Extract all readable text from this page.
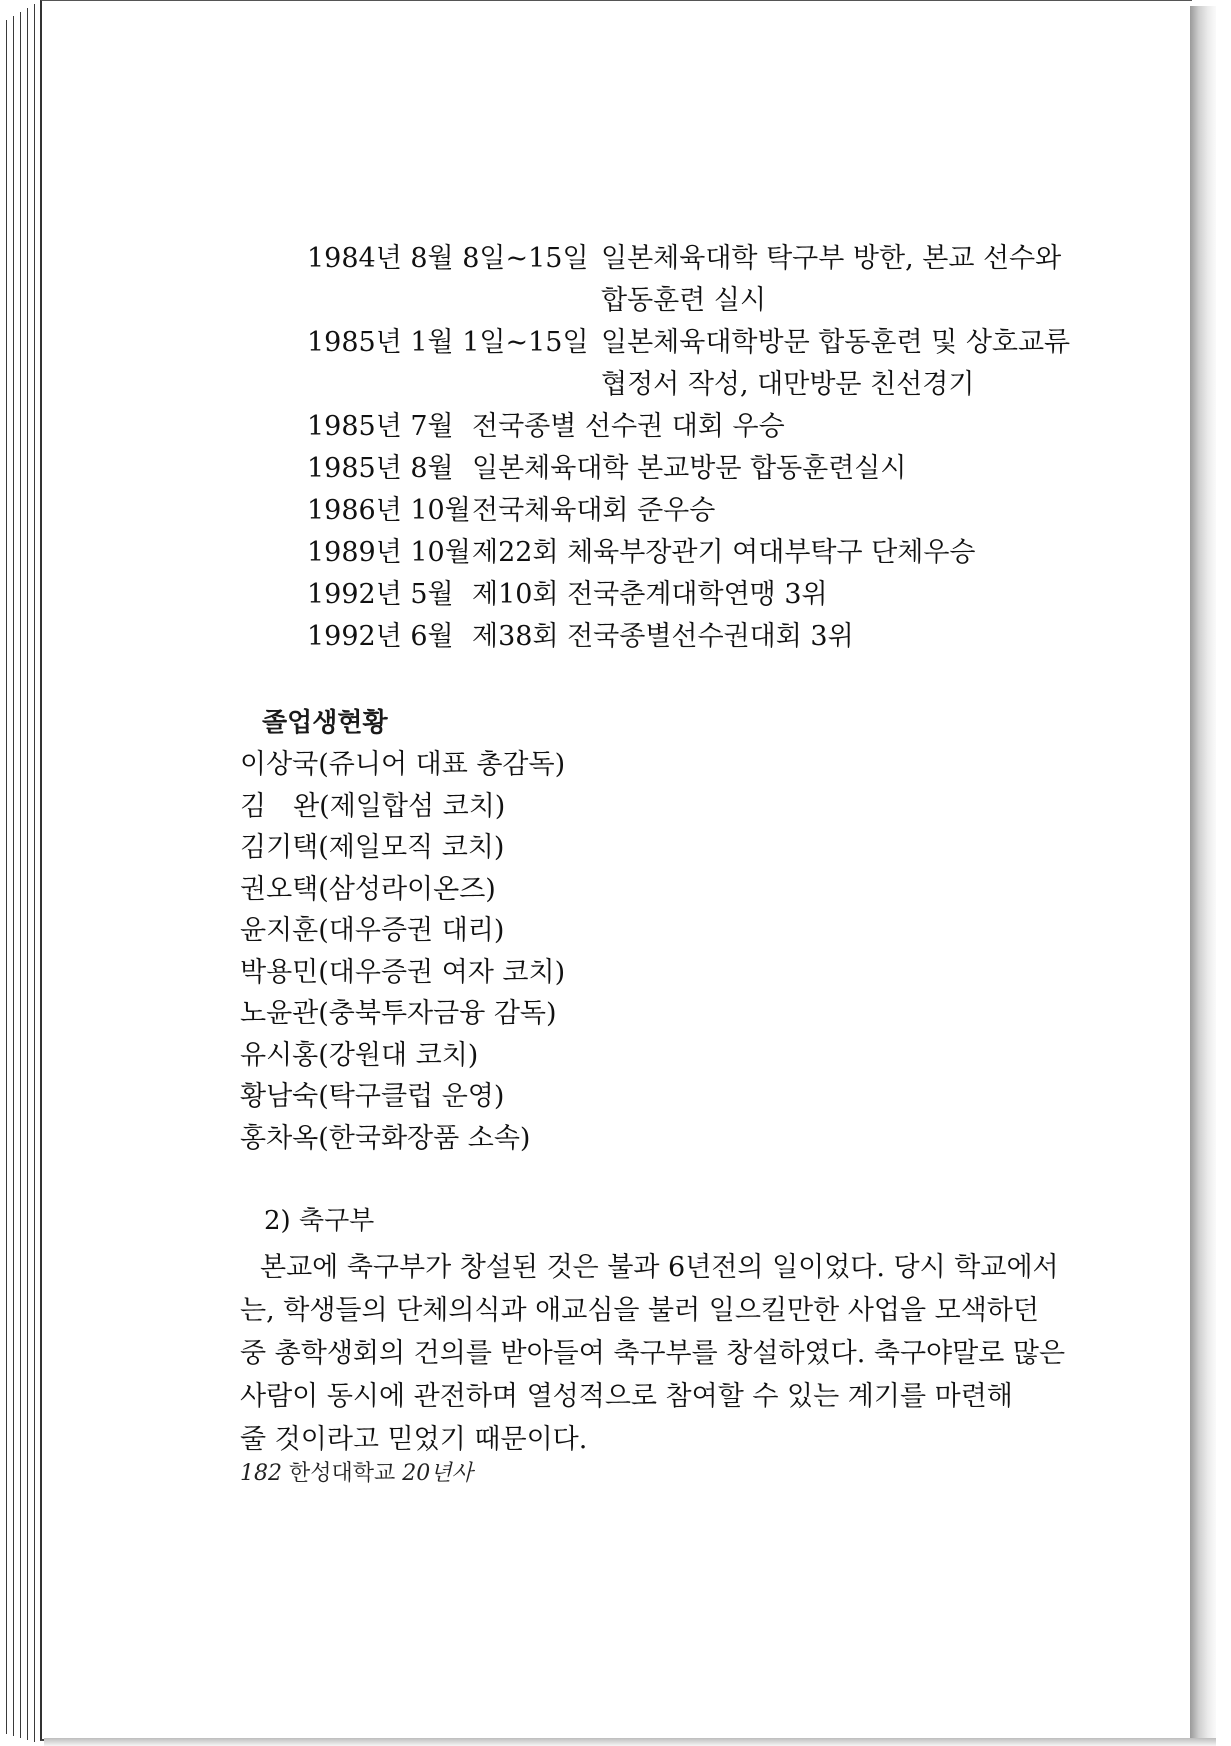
1984년 8월 8일~15일 일본체육대학 탁구부 방한, 본교 선수와
합동훈련 실시
1985년 1월 1일~15일 일본체육대학방문 합동훈련 및 상호교류
협정서 작성, 대만방문 친선경기
1985년 7월 전국종별 선수권 대회 우승
1985년 8월 일본체육대학 본교방문 합동훈련실시
1986년 10월 전국체육대회 준우승
1989년 10월 제22회 체육부장관기 여대부탁구 단체우승
1992년 5월 제10회 전국춘계대학연맹 3위
1992년 6월 제38회 전국종별선수권대회 3위
졸업생현황
이상국(쥬니어 대표 총감독)
김　완(제일합섬 코치)
김기택(제일모직 코치)
권오택(삼성라이온즈)
윤지훈(대우증권 대리)
박용민(대우증권 여자 코치)
노윤관(충북투자금융 감독)
유시홍(강원대 코치)
황남숙(탁구클럽 운영)
홍차옥(한국화장품 소속)
2) 축구부
본교에 축구부가 창설된 것은 불과 6년전의 일이었다. 당시 학교에서
는, 학생들의 단체의식과 애교심을 불러 일으킬만한 사업을 모색하던
중 총학생회의 건의를 받아들여 축구부를 창설하였다. 축구야말로 많은
사람이 동시에 관전하며 열성적으로 참여할 수 있는 계기를 마련해
줄 것이라고 믿었기 때문이다.
182 한성대학교 20년사
